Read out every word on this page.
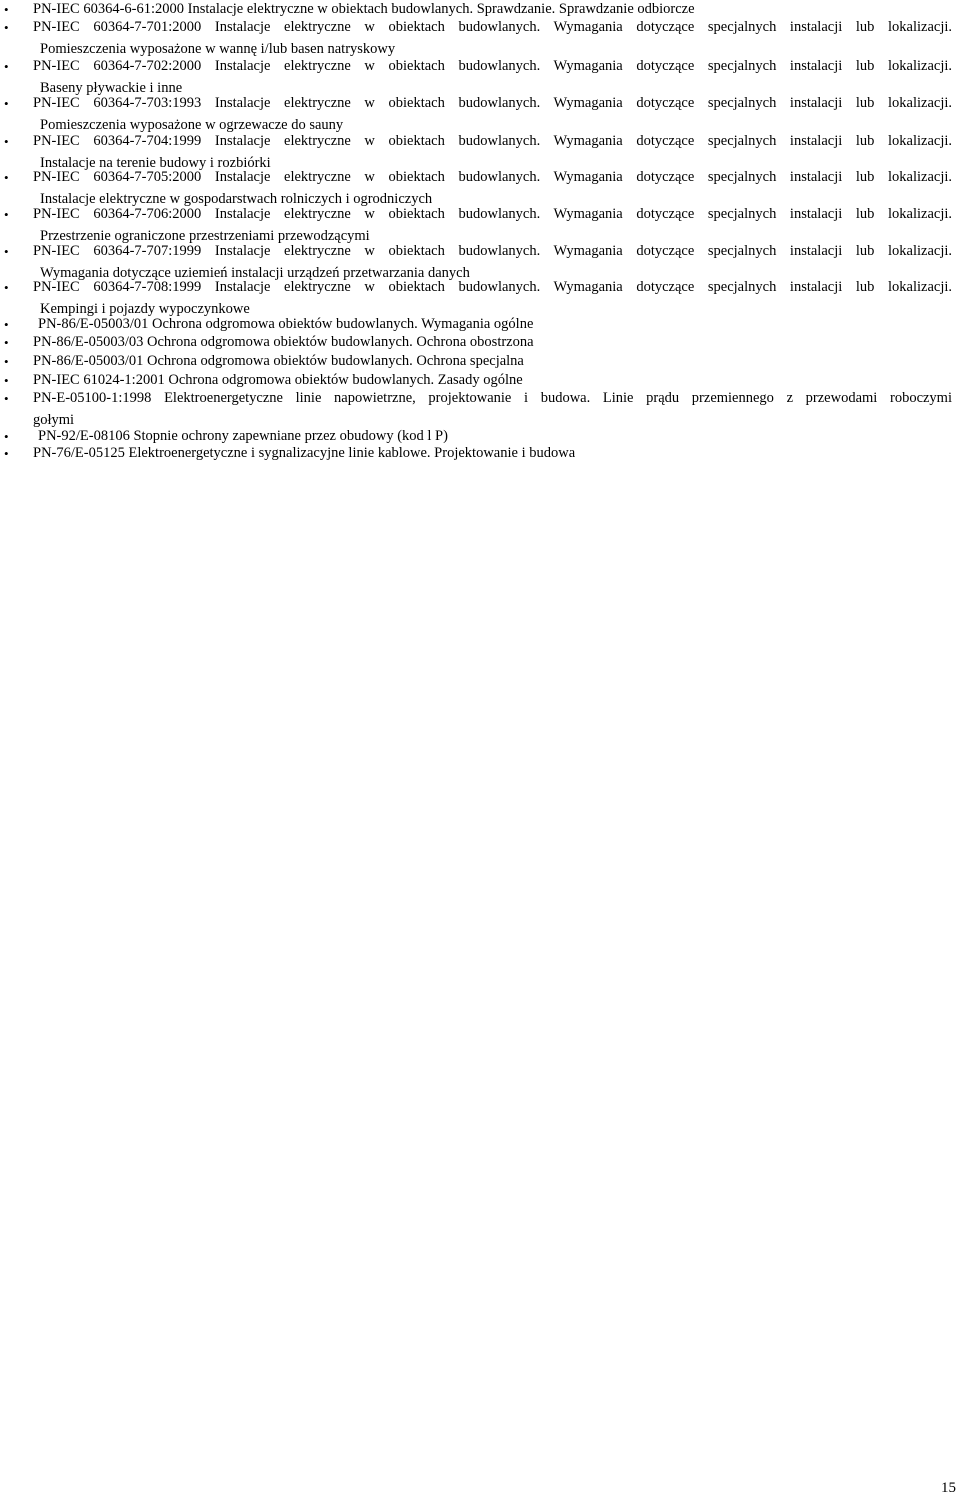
• PN-IEC 60364-6-61:2000 Instalacje elektryczne w obiektach budowlanych. Sprawdzanie. Sprawdzanie odbiorcze
• PN-IEC 60364-7-701:2000 Instalacje elektryczne w obiektach budowlanych. Wymagania dotyczące specjalnych instalacji lub lokalizacji.
Pomieszczenia wyposażone w wannę i/lub basen natryskowy
• PN-IEC 60364-7-702:2000 Instalacje elektryczne w obiektach budowlanych. Wymagania dotyczące specjalnych instalacji lub lokalizacji.
Baseny pływackie i inne
• PN-IEC 60364-7-703:1993 Instalacje elektryczne w obiektach budowlanych. Wymagania dotyczące specjalnych instalacji lub lokalizacji.
Pomieszczenia wyposażone w ogrzewacze do sauny
• PN-IEC 60364-7-704:1999 Instalacje elektryczne w obiektach budowlanych. Wymagania dotyczące specjalnych instalacji lub lokalizacji.
Instalacje na terenie budowy i rozbiórki
• PN-IEC 60364-7-705:2000 Instalacje elektryczne w obiektach budowlanych. Wymagania dotyczące specjalnych instalacji lub lokalizacji.
Instalacje elektryczne w gospodarstwach rolniczych i ogrodniczych
• PN-IEC 60364-7-706:2000 Instalacje elektryczne w obiektach budowlanych. Wymagania dotyczące specjalnych instalacji lub lokalizacji.
Przestrzenie ograniczone przestrzeniami przewodzącymi
• PN-IEC 60364-7-707:1999 Instalacje elektryczne w obiektach budowlanych. Wymagania dotyczące specjalnych instalacji lub lokalizacji.
Wymagania dotyczące uziemień instalacji urządzeń przetwarzania danych
• PN-IEC 60364-7-708:1999 Instalacje elektryczne w obiektach budowlanych. Wymagania dotyczące specjalnych instalacji lub lokalizacji.
Kempingi i pojazdy wypoczynkowe
• PN-86/E-05003/01 Ochrona odgromowa obiektów budowlanych. Wymagania ogólne
• PN-86/E-05003/03 Ochrona odgromowa obiektów budowlanych. Ochrona obostrzona
• PN-86/E-05003/01 Ochrona odgromowa obiektów budowlanych. Ochrona specjalna
• PN-IEC 61024-1:2001 Ochrona odgromowa obiektów budowlanych. Zasady ogólne
• PN-E-05100-1:1998 Elektroenergetyczne linie napowietrzne, projektowanie i budowa. Linie prądu przemiennego z przewodami roboczymi
gołymi
• PN-92/E-08106 Stopnie ochrony zapewniane przez obudowy (kod l P)
• PN-76/E-05125 Elektroenergetyczne i sygnalizacyjne linie kablowe. Projektowanie i budowa
15
